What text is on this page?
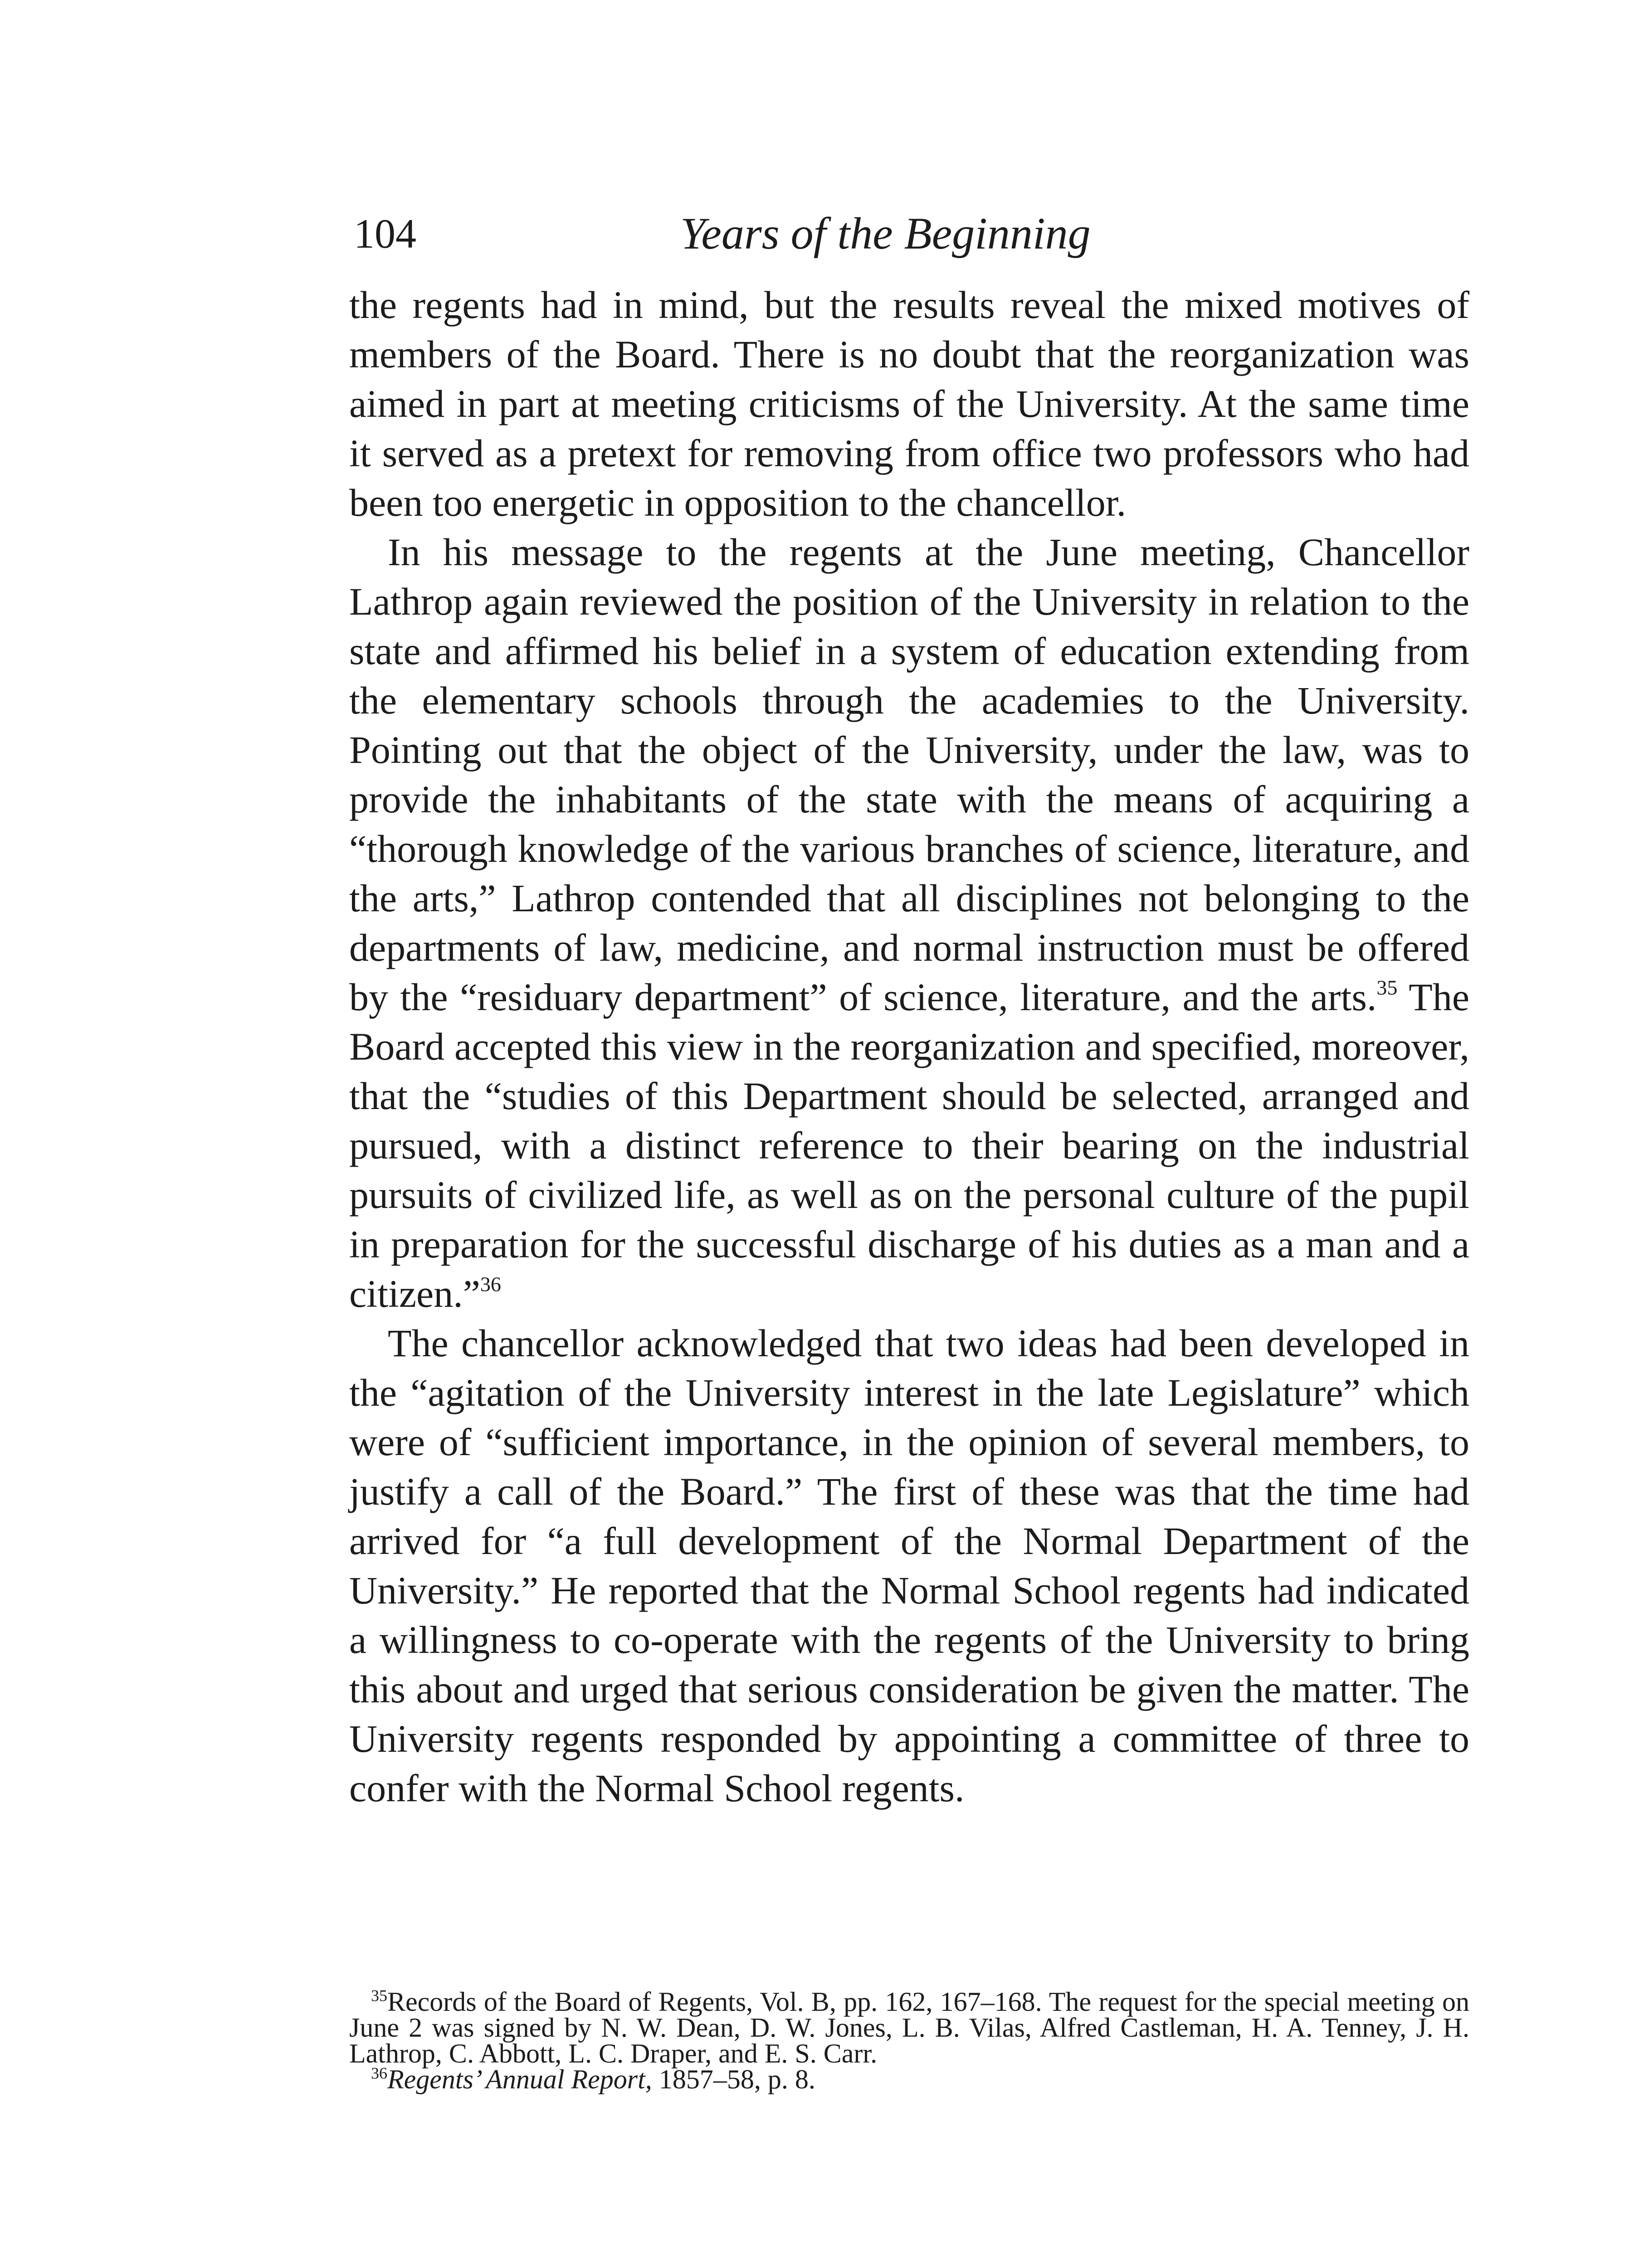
104	Years of the Beginning

the regents had in mind, but the results reveal the mixed motives of members of the Board. There is no doubt that the reorganization was aimed in part at meeting criticisms of the University. At the same time it served as a pretext for removing from office two professors who had been too energetic in opposition to the chancellor.

In his message to the regents at the June meeting, Chancellor Lathrop again reviewed the position of the University in relation to the state and affirmed his belief in a system of education extending from the elementary schools through the academies to the University. Pointing out that the object of the University, under the law, was to provide the inhabitants of the state with the means of acquiring a “thorough knowledge of the various branches of science, literature, and the arts,” Lathrop contended that all disciplines not belonging to the departments of law, medicine, and normal instruction must be offered by the “residuary department” of science, literature, and the arts.$^{35}$ The Board accepted this view in the reorganization and specified, moreover, that the “studies of this Department should be selected, arranged and pursued, with a distinct reference to their bearing on the industrial pursuits of civilized life, as well as on the personal culture of the pupil in preparation for the successful discharge of his duties as a man and a citizen.”$^{36}$

The chancellor acknowledged that two ideas had been developed in the “agitation of the University interest in the late Legislature” which were of “sufficient importance, in the opinion of several members, to justify a call of the Board.” The first of these was that the time had arrived for “a full development of the Normal Department of the University.” He reported that the Normal School regents had indicated a willingness to co-operate with the regents of the University to bring this about and urged that serious consideration be given the matter. The University regents responded by appointing a committee of three to confer with the Normal School regents.

$^{35}$Records of the Board of Regents, Vol. B, pp. 162, 167–168. The request for the special meeting on June 2 was signed by N. W. Dean, D. W. Jones, L. B. Vilas, Alfred Castleman, H. A. Tenney, J. H. Lathrop, C. Abbott, L. C. Draper, and E. S. Carr.

$^{36}$Regents’ Annual Report, 1857–58, p. 8.
